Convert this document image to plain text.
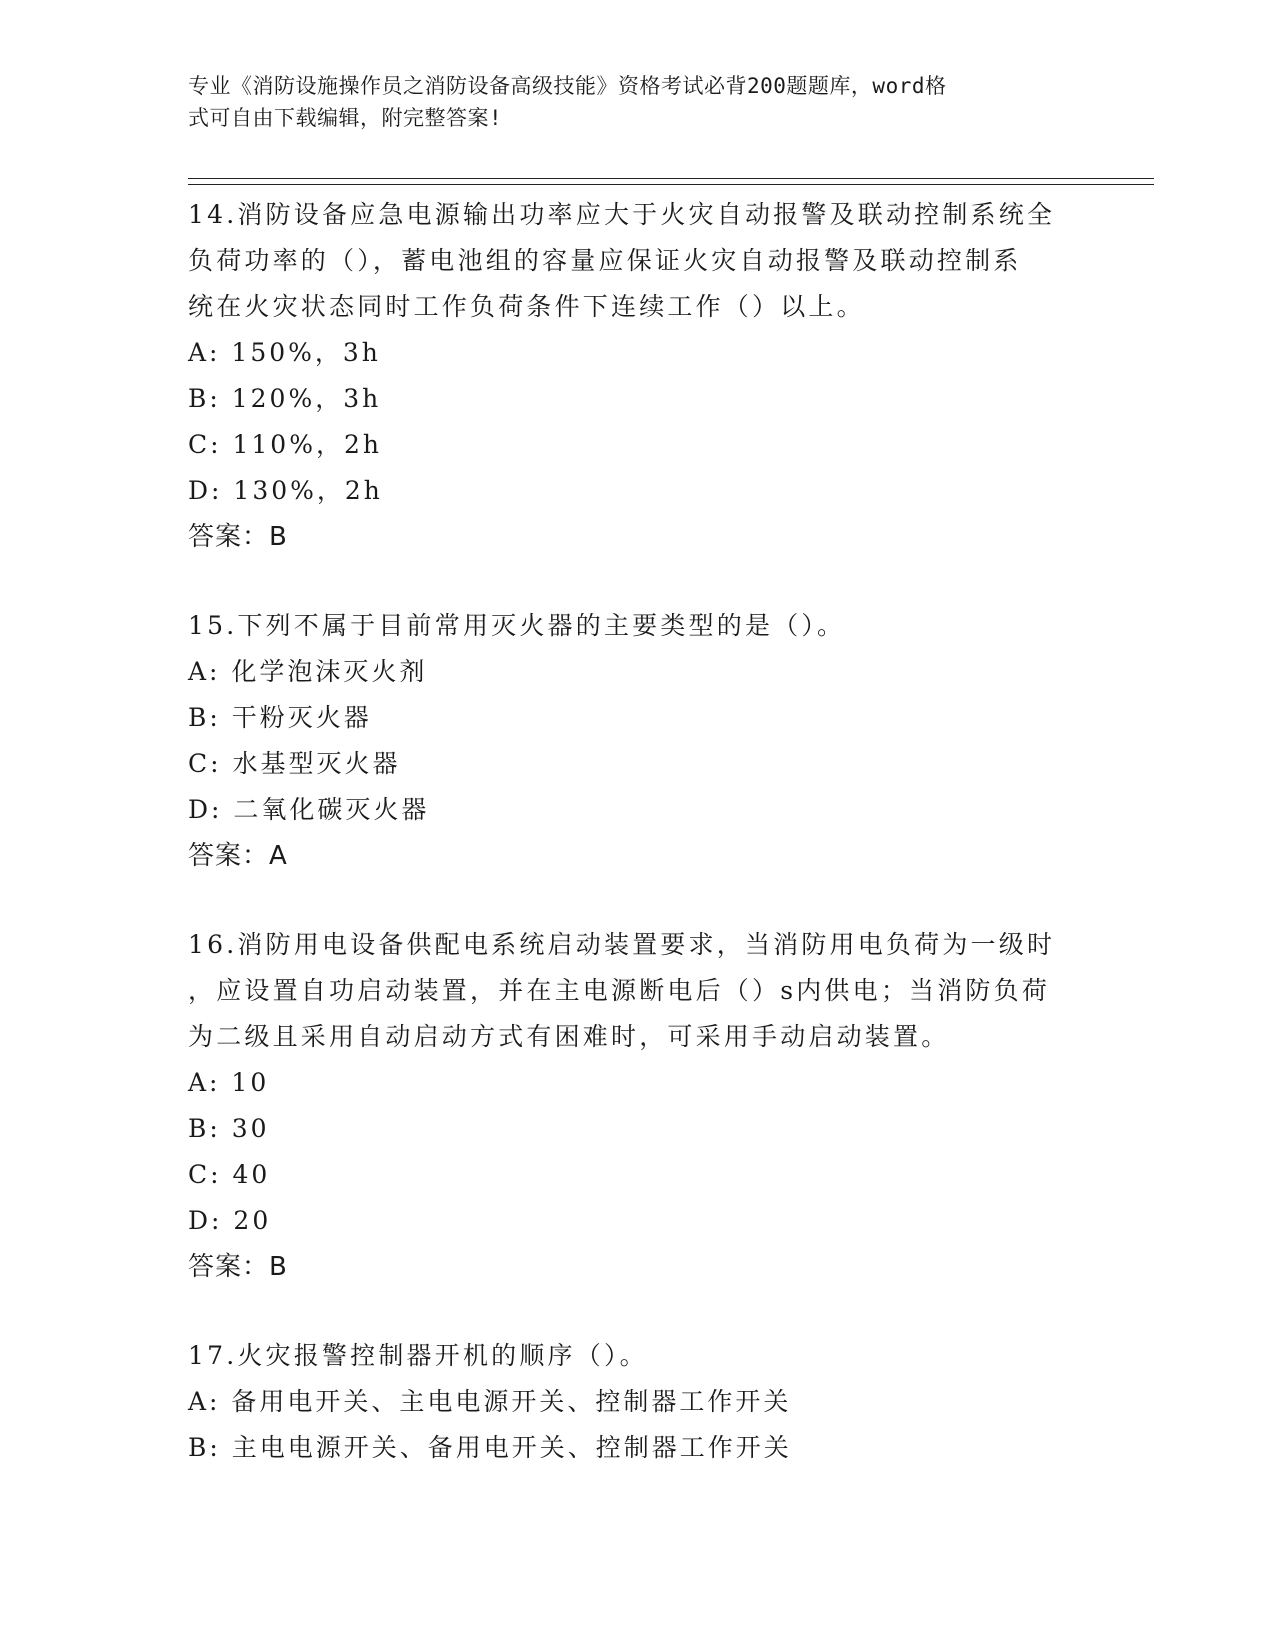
专业《消防设施操作员之消防设备高级技能》资格考试必背200题题库，word格
式可自由下载编辑，附完整答案!

14.消防设备应急电源输出功率应大于火灾自动报警及联动控制系统全

负荷功率的（），蓄电池组的容量应保证火灾自动报警及联动控制系

统在火灾状态同时工作负荷条件下连续工作（）以上。

A: 150%，3h

B: 120%，3h

C: 110%，2h

D: 130%，2h

答案：B

15.下列不属于目前常用灭火器的主要类型的是（）。

A: 化学泡沫灭火剂

B: 干粉灭火器

C: 水基型灭火器

D: 二氧化碳灭火器

答案：A

16.消防用电设备供配电系统启动装置要求，当消防用电负荷为一级时

，应设置自功启动装置，并在主电源断电后（）s内供电；当消防负荷

为二级且采用自动启动方式有困难时，可采用手动启动装置。

A: 10

B: 30

C: 40

D: 20

答案：B

17.火灾报警控制器开机的顺序（）。

A: 备用电开关、主电电源开关、控制器工作开关

B: 主电电源开关、备用电开关、控制器工作开关
